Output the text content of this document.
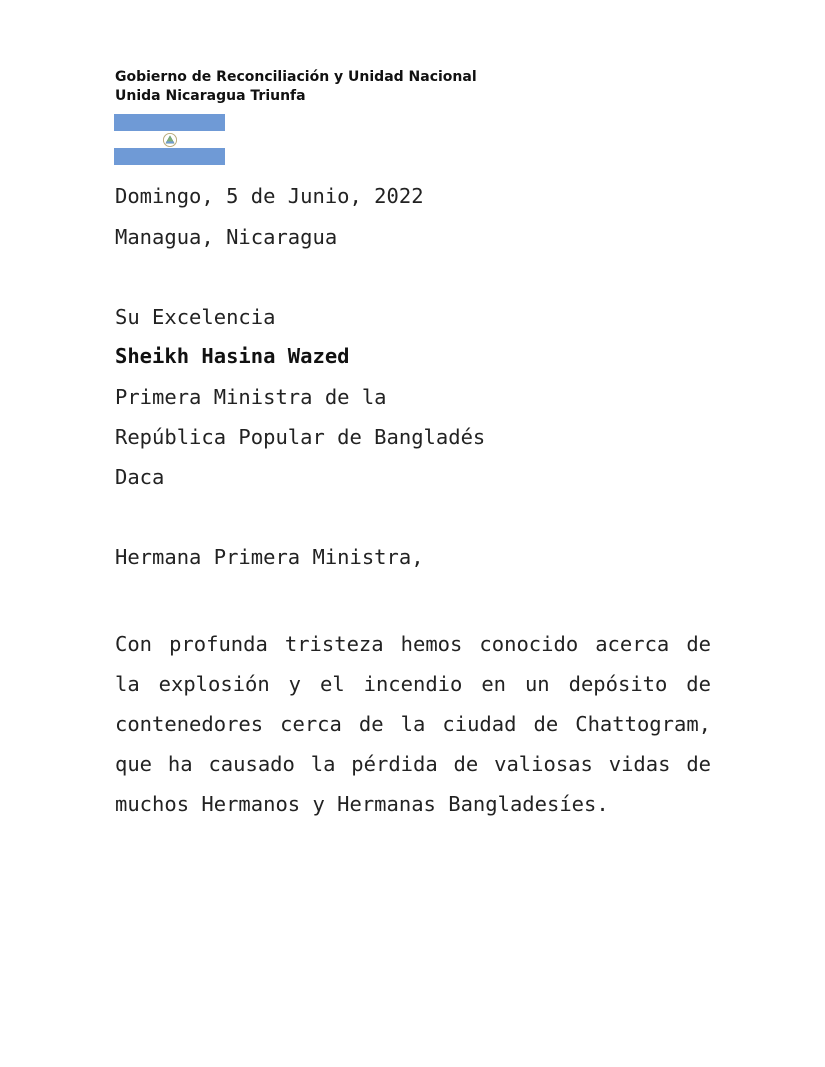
Gobierno de Reconciliación y Unidad Nacional
Unida Nicaragua Triunfa
Domingo, 5 de Junio, 2022
Managua, Nicaragua
Su Excelencia
Sheikh Hasina Wazed
Primera Ministra de la
República Popular de Bangladés
Daca
Hermana Primera Ministra,
Con profunda tristeza hemos conocido acerca de la explosión y el incendio en un depósito de contenedores cerca de la ciudad de Chattogram, que ha causado la pérdida de valiosas vidas de muchos Hermanos y Hermanas Bangladesíes.
